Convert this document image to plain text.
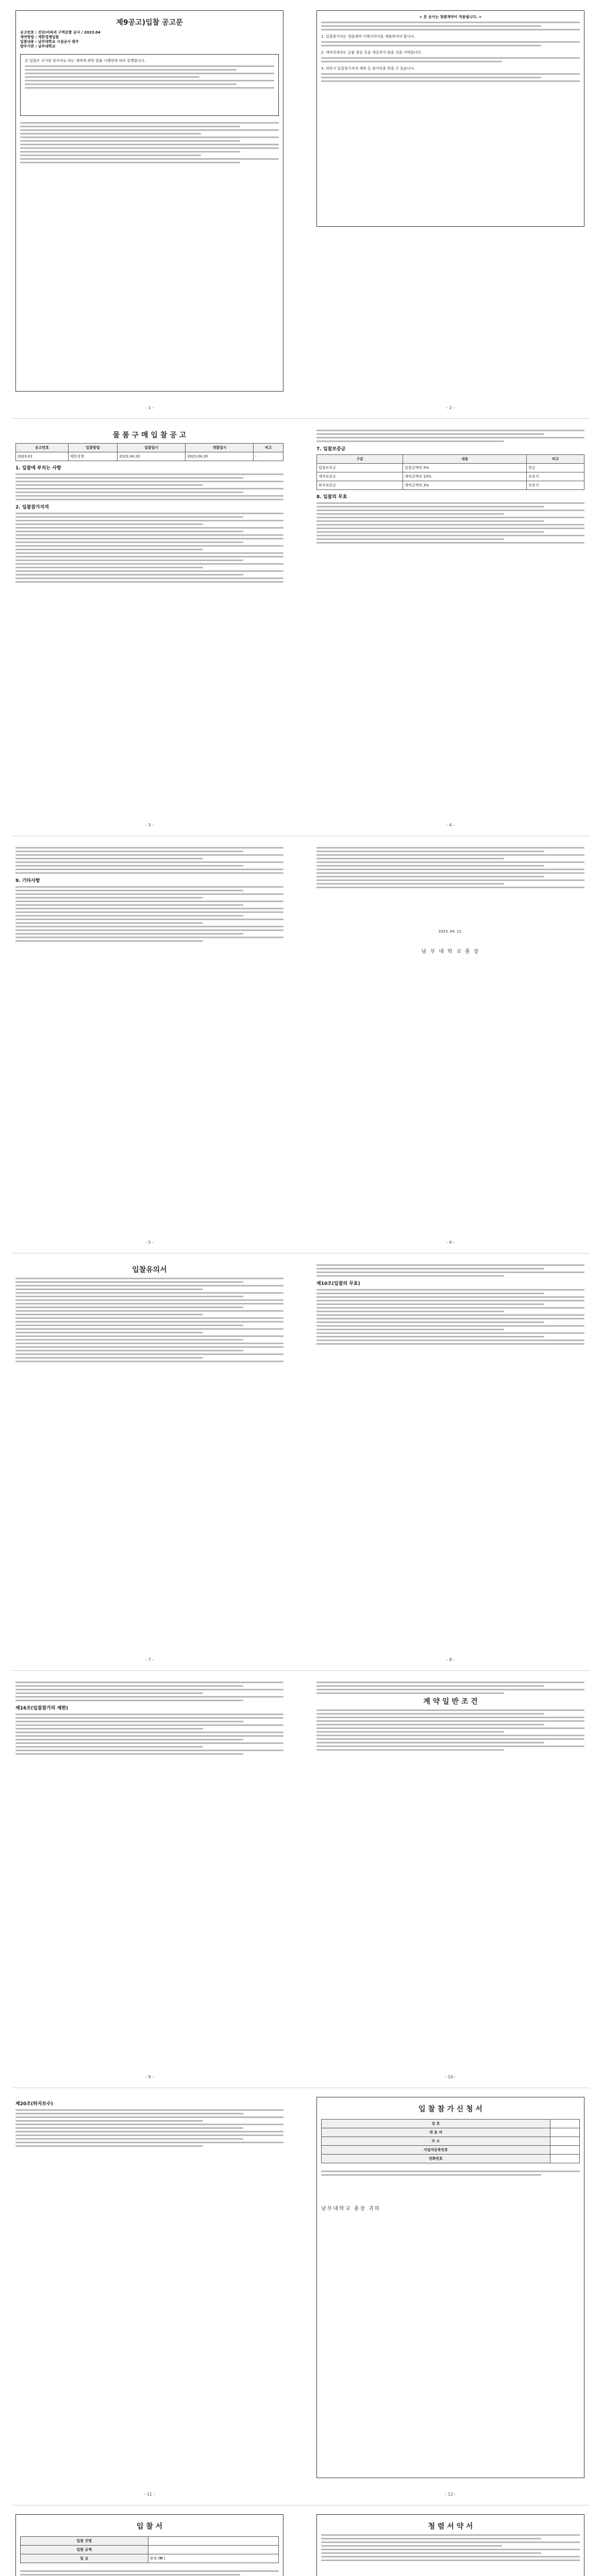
제9공고)입찰 공고문
공고번호 : 진단/비파괴 구역분할 공사 / 2023.04
계약방법 : 제한경쟁입찰
입찰내용 : 남부대학교 시설공사 발주
발주기관 : 남부대학교
본 입찰은 국가를 당사자로 하는 계약에 관한 법률 시행령에 따라 집행합니다.
- 1 -
< 본 공사는 청렴계약이 적용됩니다. >
1. 입찰참가자는 청렴계약 이행서약서를 제출하여야 합니다.
2. 계약상대자는 금품 향응 등을 제공하지 않을 것을 서약합니다.
3. 위반시 입찰참가자격 제한 등 불이익을 받을 수 있습니다.
- 2 -
물 품 구 매 입 찰 공 고
공고번호	입찰방법	입찰일시	개찰일시	비고
2023-01	제한경쟁	2023.04.20	2023.04.20	-
1. 입찰에 부치는 사항
2. 입찰참가자격
- 3 -
7. 입찰보증금
구분	내용	비고
입찰보증금	입찰금액의 5%	현금
계약보증금	계약금액의 10%	보증서
하자보증금	계약금액의 3%	보증서
8. 입찰의 무효
- 4 -
9. 기타사항
- 5 -
2023. 04. 11.
남 부 대 학 교 총 장
- 6 -
입찰유의서
- 7 -
제10조(입찰의 무효)
- 8 -
제16조(입찰참가의 제한)
- 9 -
계 약 일 반 조 건
- 10 -
제20조(하자보수)
- 11 -
입 찰 참 가 신 청 서
상 호	
대 표 자	
주 소	
사업자등록번호	
전화번호	
남부대학교 총장 귀하
- 12 -
입 찰 서
입찰 건명	
입찰 금액	
일 금	원정 (₩ )
청 렴 서 약 서
